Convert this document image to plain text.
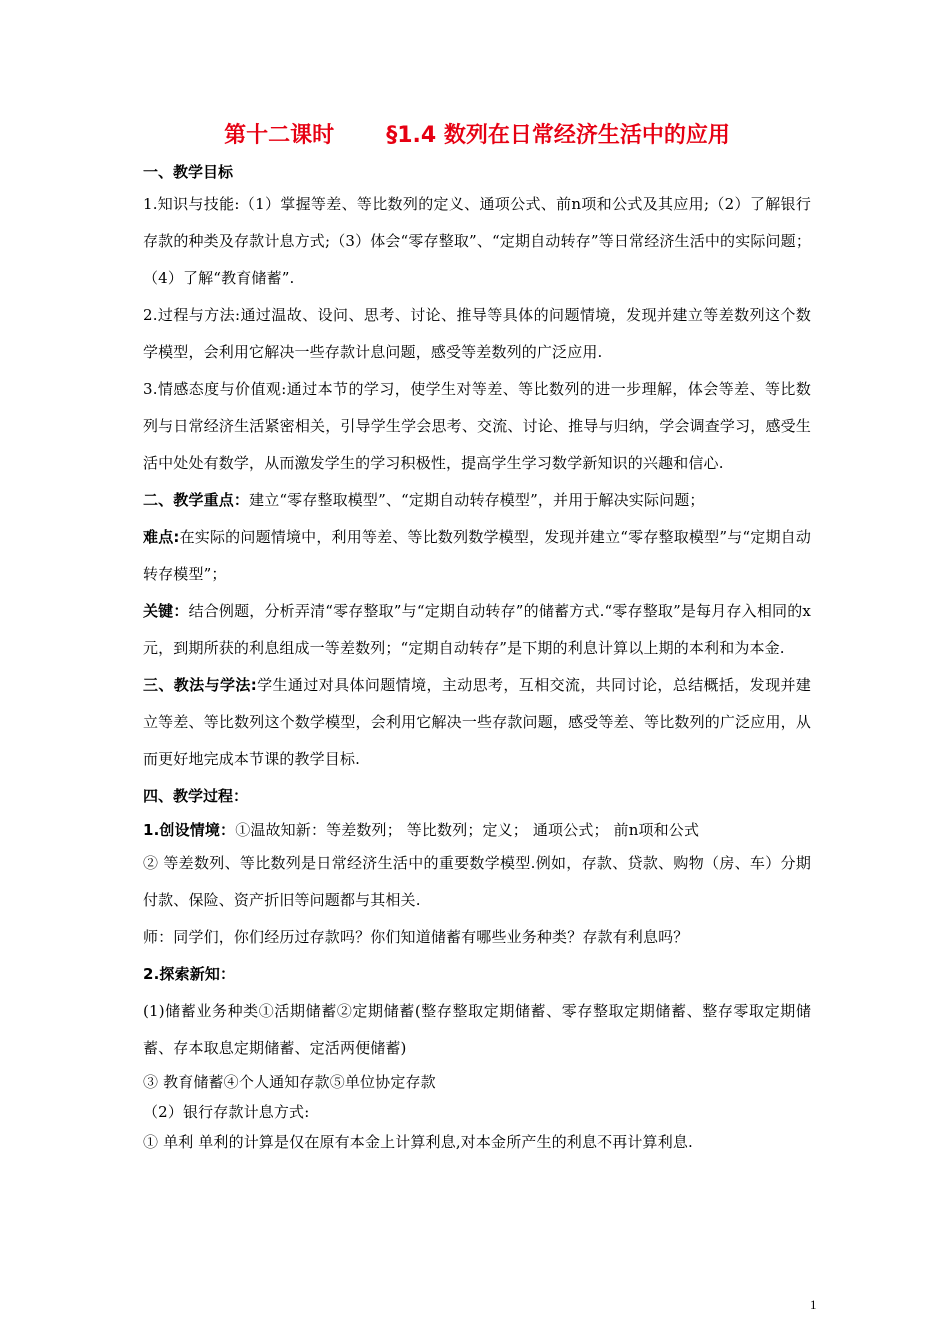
第十二课时 §1.4 数列在日常经济生活中的应用

一、教学目标

1.知识与技能:（1）掌握等差、等比数列的定义、通项公式、前n项和公式及其应用;（2）了解银行存款的种类及存款计息方式;（3）体会“零存整取”、“定期自动转存”等日常经济生活中的实际问题；（4）了解“教育储蓄”.

2.过程与方法:通过温故、设问、思考、讨论、推导等具体的问题情境，发现并建立等差数列这个数学模型，会利用它解决一些存款计息问题，感受等差数列的广泛应用.

3.情感态度与价值观:通过本节的学习，使学生对等差、等比数列的进一步理解，体会等差、等比数列与日常经济生活紧密相关，引导学生学会思考、交流、讨论、推导与归纳，学会调查学习，感受生活中处处有数学，从而激发学生的学习积极性，提高学生学习数学新知识的兴趣和信心.

二、教学重点：建立“零存整取模型”、“定期自动转存模型”，并用于解决实际问题；

难点:在实际的问题情境中，利用等差、等比数列数学模型，发现并建立“零存整取模型”与“定期自动转存模型”；

关键：结合例题，分析弄清“零存整取”与“定期自动转存”的储蓄方式.“零存整取”是每月存入相同的x元，到期所获的利息组成一等差数列；“定期自动转存”是下期的利息计算以上期的本利和为本金.

三、教法与学法:学生通过对具体问题情境，主动思考，互相交流，共同讨论，总结概括，发现并建立等差、等比数列这个数学模型，会利用它解决一些存款问题，感受等差、等比数列的广泛应用，从而更好地完成本节课的教学目标.

四、教学过程：

1.创设情境：①温故知新：等差数列； 等比数列；定义； 通项公式； 前n项和公式

② 等差数列、等比数列是日常经济生活中的重要数学模型.例如，存款、贷款、购物（房、车）分期付款、保险、资产折旧等问题都与其相关.

师：同学们，你们经历过存款吗？你们知道储蓄有哪些业务种类？存款有利息吗？

2.探索新知：

(1)储蓄业务种类①活期储蓄②定期储蓄(整存整取定期储蓄、零存整取定期储蓄、整存零取定期储蓄、存本取息定期储蓄、定活两便储蓄)

③ 教育储蓄④个人通知存款⑤单位协定存款

（2）银行存款计息方式:

① 单利 单利的计算是仅在原有本金上计算利息,对本金所产生的利息不再计算利息.

1
